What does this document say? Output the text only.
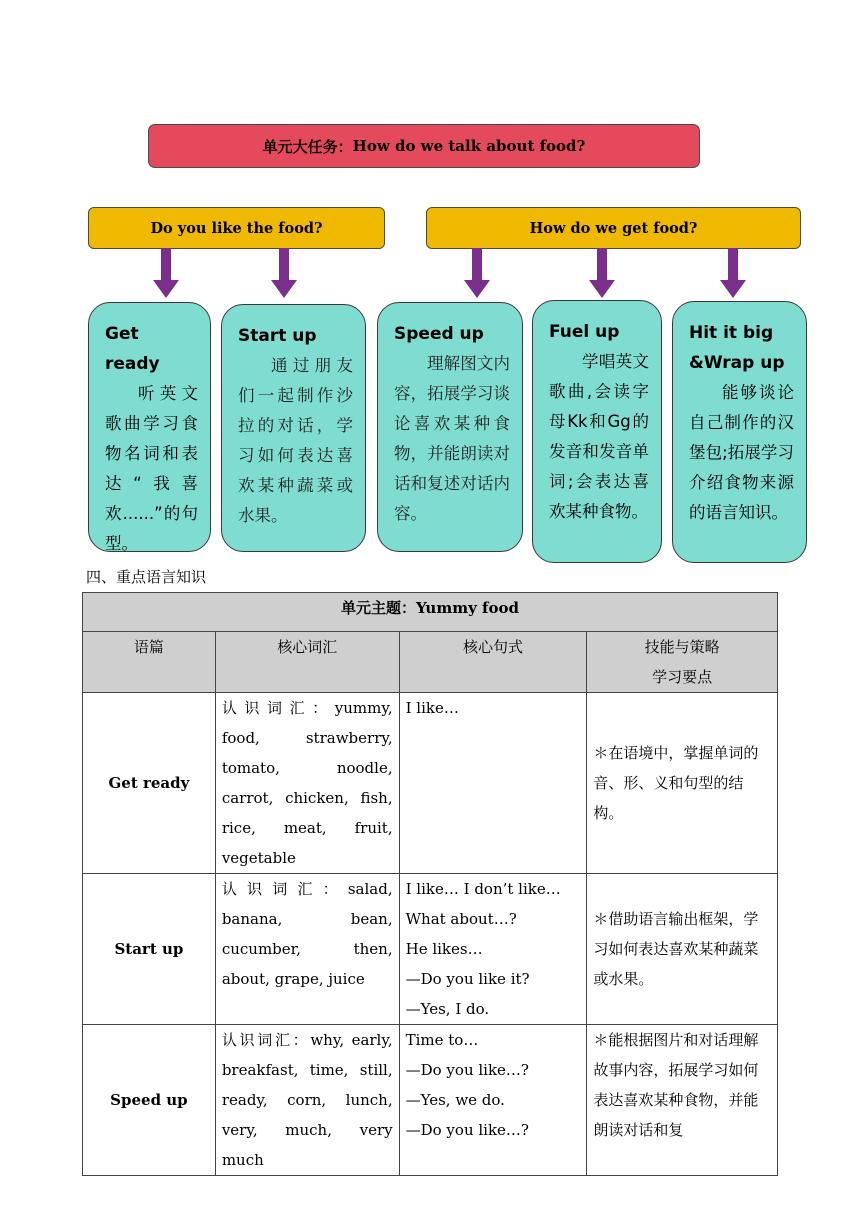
单元大任务： How do we talk about food?
Do you like the food?	How do we get food?
Get ready
听英文歌曲学习食物名词和表达“我喜欢......”的句型。
Start up
通过朋友们一起制作沙拉的对话，学习如何表达喜欢某种蔬菜或水果。
Speed up
理解图文内容，拓展学习谈论喜欢某种食物，并能朗读对话和复述对话内容。
Fuel up
学唱英文歌曲,会读字母Kk和Gg的发音和发音单词;会表达喜欢某种食物。
Hit it big &Wrap up
能够谈论自己制作的汉堡包;拓展学习介绍食物来源的语言知识。
四、重点语言知识
单元主题：Yummy food			
语篇	核心词汇	核心句式	技能与策略
学习要点

Get ready	认识词汇：yummy, food, strawberry, tomato, noodle, carrot, chicken, fish, rice, meat, fruit, vegetable	I like…	＊在语境中，掌握单词的音、形、义和句型的结构。
Start up	认识词汇：salad, banana, bean, cucumber, then, about, grape, juice	I like… I don’t like…
What about…?
He likes…
—Do you like it?
—Yes, I do.	＊借助语言输出框架，学习如何表达喜欢某种蔬菜或水果。
Speed up	认识词汇：why, early, breakfast, time, still, ready, corn, lunch, very, much, very much	Time to…
—Do you like…?
—Yes, we do.
—Do you like…?	＊能根据图片和对话理解故事内容，拓展学习如何表达喜欢某种食物，并能朗读对话和复
